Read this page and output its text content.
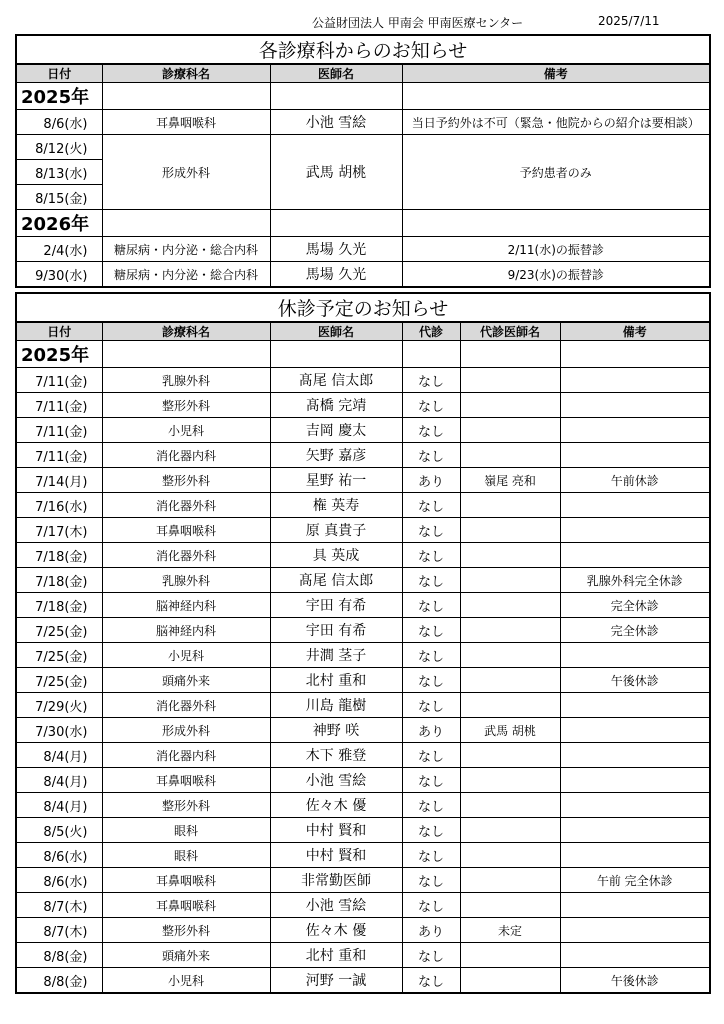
公益財団法人 甲南会 甲南医療センター	2025/7/11
各診療科からのお知らせ			
日付	診療科名	医師名	備考
2025年			
8/6(水)	耳鼻咽喉科	小池 雪絵	当日予約外は不可（緊急・他院からの紹介は要相談）
8/12(火)	形成外科	武馬 胡桃	予約患者のみ
8/13(水)			
8/15(金)			
2026年			
2/4(水)	糖尿病・内分泌・総合内科	馬場 久光	2/11(水)の振替診
9/30(水)	糖尿病・内分泌・総合内科	馬場 久光	9/23(水)の振替診
休診予定のお知らせ					
日付	診療科名	医師名	代診	代診医師名	備考
2025年					
7/11(金)	乳腺外科	髙尾 信太郎	なし		
7/11(金)	整形外科	髙橋 完靖	なし		
7/11(金)	小児科	吉岡 慶太	なし		
7/11(金)	消化器内科	矢野 嘉彦	なし		
7/14(月)	整形外科	星野 祐一	あり	嶺尾 亮和	午前休診
7/16(水)	消化器外科	権 英寿	なし		
7/17(木)	耳鼻咽喉科	原 真貴子	なし		
7/18(金)	消化器外科	具 英成	なし		
7/18(金)	乳腺外科	髙尾 信太郎	なし		乳腺外科完全休診
7/18(金)	脳神経内科	宇田 有希	なし		完全休診
7/25(金)	脳神経内科	宇田 有希	なし		完全休診
7/25(金)	小児科	井澗 茎子	なし		
7/25(金)	頭痛外来	北村 重和	なし		午後休診
7/29(火)	消化器外科	川島 龍樹	なし		
7/30(水)	形成外科	神野 咲	あり	武馬 胡桃	
8/4(月)	消化器内科	木下 雅登	なし		
8/4(月)	耳鼻咽喉科	小池 雪絵	なし		
8/4(月)	整形外科	佐々木 優	なし		
8/5(火)	眼科	中村 賢和	なし		
8/6(水)	眼科	中村 賢和	なし		
8/6(水)	耳鼻咽喉科	非常勤医師	なし		午前 完全休診
8/7(木)	耳鼻咽喉科	小池 雪絵	なし		
8/7(木)	整形外科	佐々木 優	あり	未定	
8/8(金)	頭痛外来	北村 重和	なし		
8/8(金)	小児科	河野 一誠	なし		午後休診
